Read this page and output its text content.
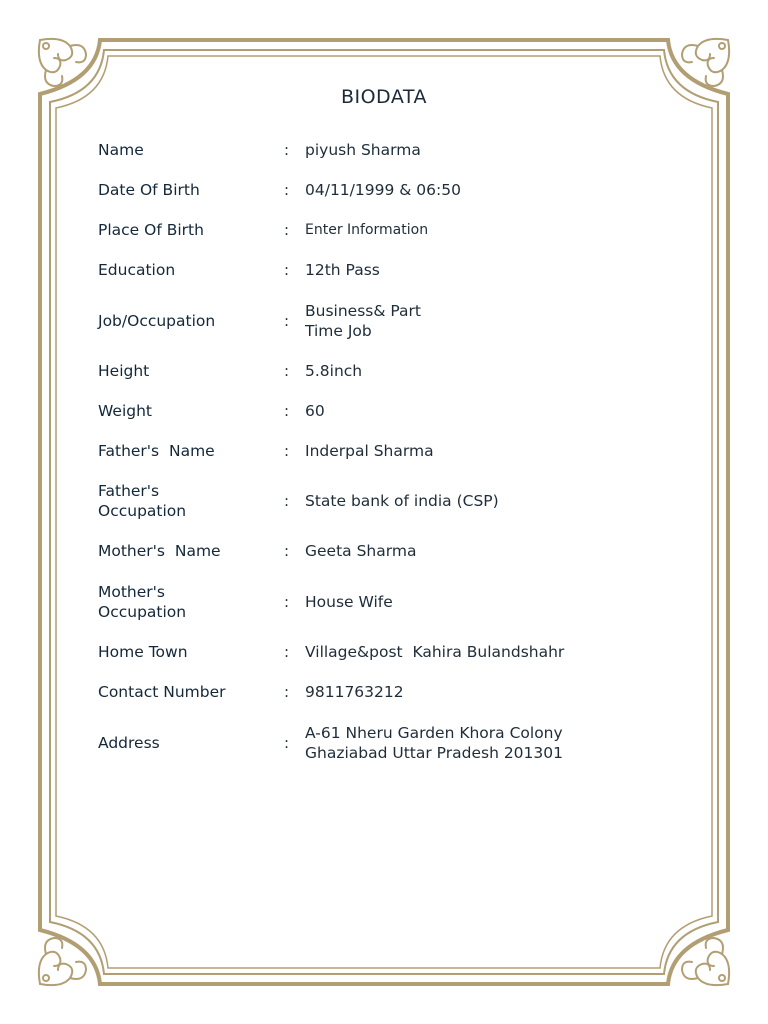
BIODATA
Name	:	piyush Sharma
Date Of Birth	:	04/11/1999 & 06:50
Place Of Birth	:	Enter Information
Education	:	12th Pass
Job/Occupation	:
Business& Part
Time Job
Height	:	5.8inch
Weight	:	60
Father's  Name	:	Inderpal Sharma
Father's
Occupation
:	State bank of india (CSP)
Mother's  Name	:	Geeta Sharma
Mother's
Occupation
:	House Wife
Home Town	:	Village&post  Kahira Bulandshahr
Contact Number	:	9811763212
Address	:
A-61 Nheru Garden Khora Colony
Ghaziabad Uttar Pradesh 201301
